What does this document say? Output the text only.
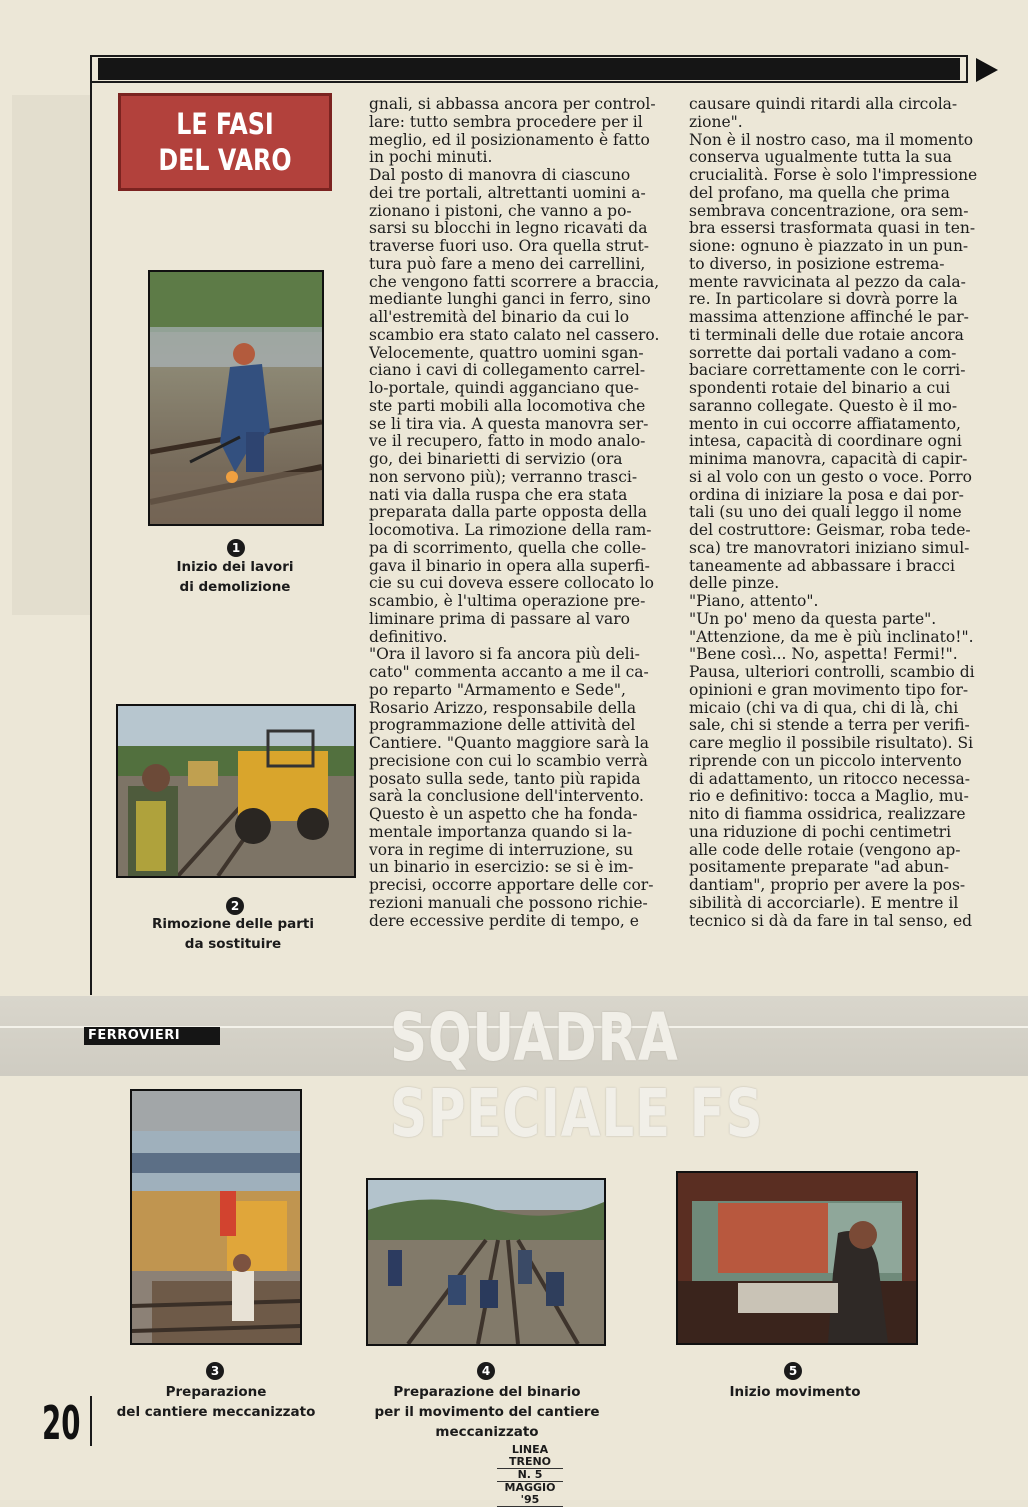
LE FASI
DEL VARO
1
Inizio dei lavori
di demolizione
2
Rimozione delle parti
da sostituire
gnali, si abbassa ancora per control-
lare: tutto sembra procedere per il
meglio, ed il posizionamento è fatto
in pochi minuti.
Dal posto di manovra di ciascuno
dei tre portali, altrettanti uomini a-
zionano i pistoni, che vanno a po-
sarsi su blocchi in legno ricavati da
traverse fuori uso. Ora quella strut-
tura può fare a meno dei carrellini,
che vengono fatti scorrere a braccia,
mediante lunghi ganci in ferro, sino
all'estremità del binario da cui lo
scambio era stato calato nel cassero.
Velocemente, quattro uomini sgan-
ciano i cavi di collegamento carrel-
lo-portale, quindi agganciano que-
ste parti mobili alla locomotiva che
se li tira via. A questa manovra ser-
ve il recupero, fatto in modo analo-
go, dei binarietti di servizio (ora
non servono più); verranno trasci-
nati via dalla ruspa che era stata
preparata dalla parte opposta della
locomotiva. La rimozione della ram-
pa di scorrimento, quella che colle-
gava il binario in opera alla superfi-
cie su cui doveva essere collocato lo
scambio, è l'ultima operazione pre-
liminare prima di passare al varo
definitivo.
"Ora il lavoro si fa ancora più deli-
cato" commenta accanto a me il ca-
po reparto "Armamento e Sede",
Rosario Arizzo, responsabile della
programmazione delle attività del
Cantiere. "Quanto maggiore sarà la
precisione con cui lo scambio verrà
posato sulla sede, tanto più rapida
sarà la conclusione dell'intervento.
Questo è un aspetto che ha fonda-
mentale importanza quando si la-
vora in regime di interruzione, su
un binario in esercizio: se si è im-
precisi, occorre apportare delle cor-
rezioni manuali che possono richie-
dere eccessive perdite di tempo, e
causare quindi ritardi alla circola-
zione".
Non è il nostro caso, ma il momento
conserva ugualmente tutta la sua
crucialità. Forse è solo l'impressione
del profano, ma quella che prima
sembrava concentrazione, ora sem-
bra essersi trasformata quasi in ten-
sione: ognuno è piazzato in un pun-
to diverso, in posizione estrema-
mente ravvicinata al pezzo da cala-
re. In particolare si dovrà porre la
massima attenzione affinché le par-
ti terminali delle due rotaie ancora
sorrette dai portali vadano a com-
baciare correttamente con le corri-
spondenti rotaie del binario a cui
saranno collegate. Questo è il mo-
mento in cui occorre affiatamento,
intesa, capacità di coordinare ogni
minima manovra, capacità di capir-
si al volo con un gesto o voce. Porro
ordina di iniziare la posa e dai por-
tali (su uno dei quali leggo il nome
del costruttore: Geismar, roba tede-
sca) tre manovratori iniziano simul-
taneamente ad abbassare i bracci
delle pinze.
"Piano, attento".
"Un po' meno da questa parte".
"Attenzione, da me è più inclinato!".
"Bene così... No, aspetta! Fermi!".
Pausa, ulteriori controlli, scambio di
opinioni e gran movimento tipo for-
micaio (chi va di qua, chi di là, chi
sale, chi si stende a terra per verifi-
care meglio il possibile risultato). Si
riprende con un piccolo intervento
di adattamento, un ritocco necessa-
rio e definitivo: tocca a Maglio, mu-
nito di fiamma ossidrica, realizzare
una riduzione di pochi centimetri
alle code delle rotaie (vengono ap-
positamente preparate "ad abun-
dantiam", proprio per avere la pos-
sibilità di accorciarle). E mentre il
tecnico si dà da fare in tal senso, ed
FERROVIERI	SQUADRA SPECIALE FS
3
Preparazione
del cantiere meccanizzato
4
Preparazione del binario
per il movimento del cantiere meccanizzato
5
Inizio movimento
20	LINEA TRENO
N. 5
MAGGIO '95
